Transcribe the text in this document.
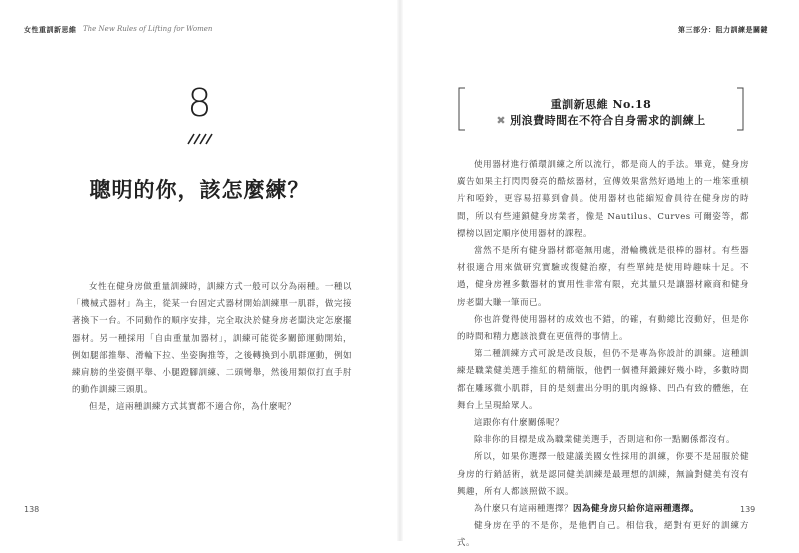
女性重訓新思維 The New Rules of Lifting for Women
8
聰明的你，該怎麼練？

女性在健身房做重量訓練時，訓練方式一般可以分為兩種。一種以「機械式器材」為主，從某一台固定式器材開始訓練單一肌群，做完接著換下一台。不同動作的順序安排，完全取決於健身房老闆決定怎麼擺器材。另一種採用「自由重量加器材」，訓練可能從多關節運動開始，例如腿部推舉、滑輪下拉、坐姿胸推等，之後轉換到小肌群運動，例如練肩膀的坐姿側平舉、小腿蹬腳訓練、二頭彎舉，然後用類似打直手肘的動作訓練三頭肌。

但是，這兩種訓練方式其實都不適合你，為什麼呢？

138
第三部分：阻力訓練是關鍵
重訓新思維 No.18
✖ 別浪費時間在不符合自身需求的訓練上

使用器材進行循環訓練之所以流行，都是商人的手法。畢竟，健身房廣告如果主打閃閃發亮的酷炫器材，宣傳效果當然好過地上的一堆笨重槓片和啞鈴，更容易招募到會員。使用器材也能縮短會員待在健身房的時間，所以有些連鎖健身房業者，像是 Nautilus、Curves 可爾姿等，都標榜以固定順序使用器材的課程。

當然不是所有健身器材都毫無用處，滑輪機就是很棒的器材。有些器材很適合用來做研究實驗或復健治療，有些單純是使用時趣味十足。不過，健身房裡多數器材的實用性非常有限，充其量只是讓器材廠商和健身房老闆大賺一筆而已。

你也許覺得使用器材的成效也不錯，的確，有動總比沒動好，但是你的時間和精力應該浪費在更值得的事情上。

第二種訓練方式可說是改良版，但仍不是專為你設計的訓練。這種訓練是職業健美選手推紅的精簡版，他們一個禮拜鍛鍊好幾小時，多數時間都在雕琢微小肌群，目的是刻畫出分明的肌肉線條、凹凸有致的體態，在舞台上呈現給眾人。

這跟你有什麼關係呢？

除非你的目標是成為職業健美選手，否則這和你一點關係都沒有。

所以，如果你選擇一般建議美國女性採用的訓練，你要不是屈服於健身房的行銷話術，就是認同健美訓練是最理想的訓練，無論對健美有沒有興趣，所有人都該照做不誤。

為什麼只有這兩種選擇？因為健身房只給你這兩種選擇。

健身房在乎的不是你，是他們自己。相信我，絕對有更好的訓練方式。

139
